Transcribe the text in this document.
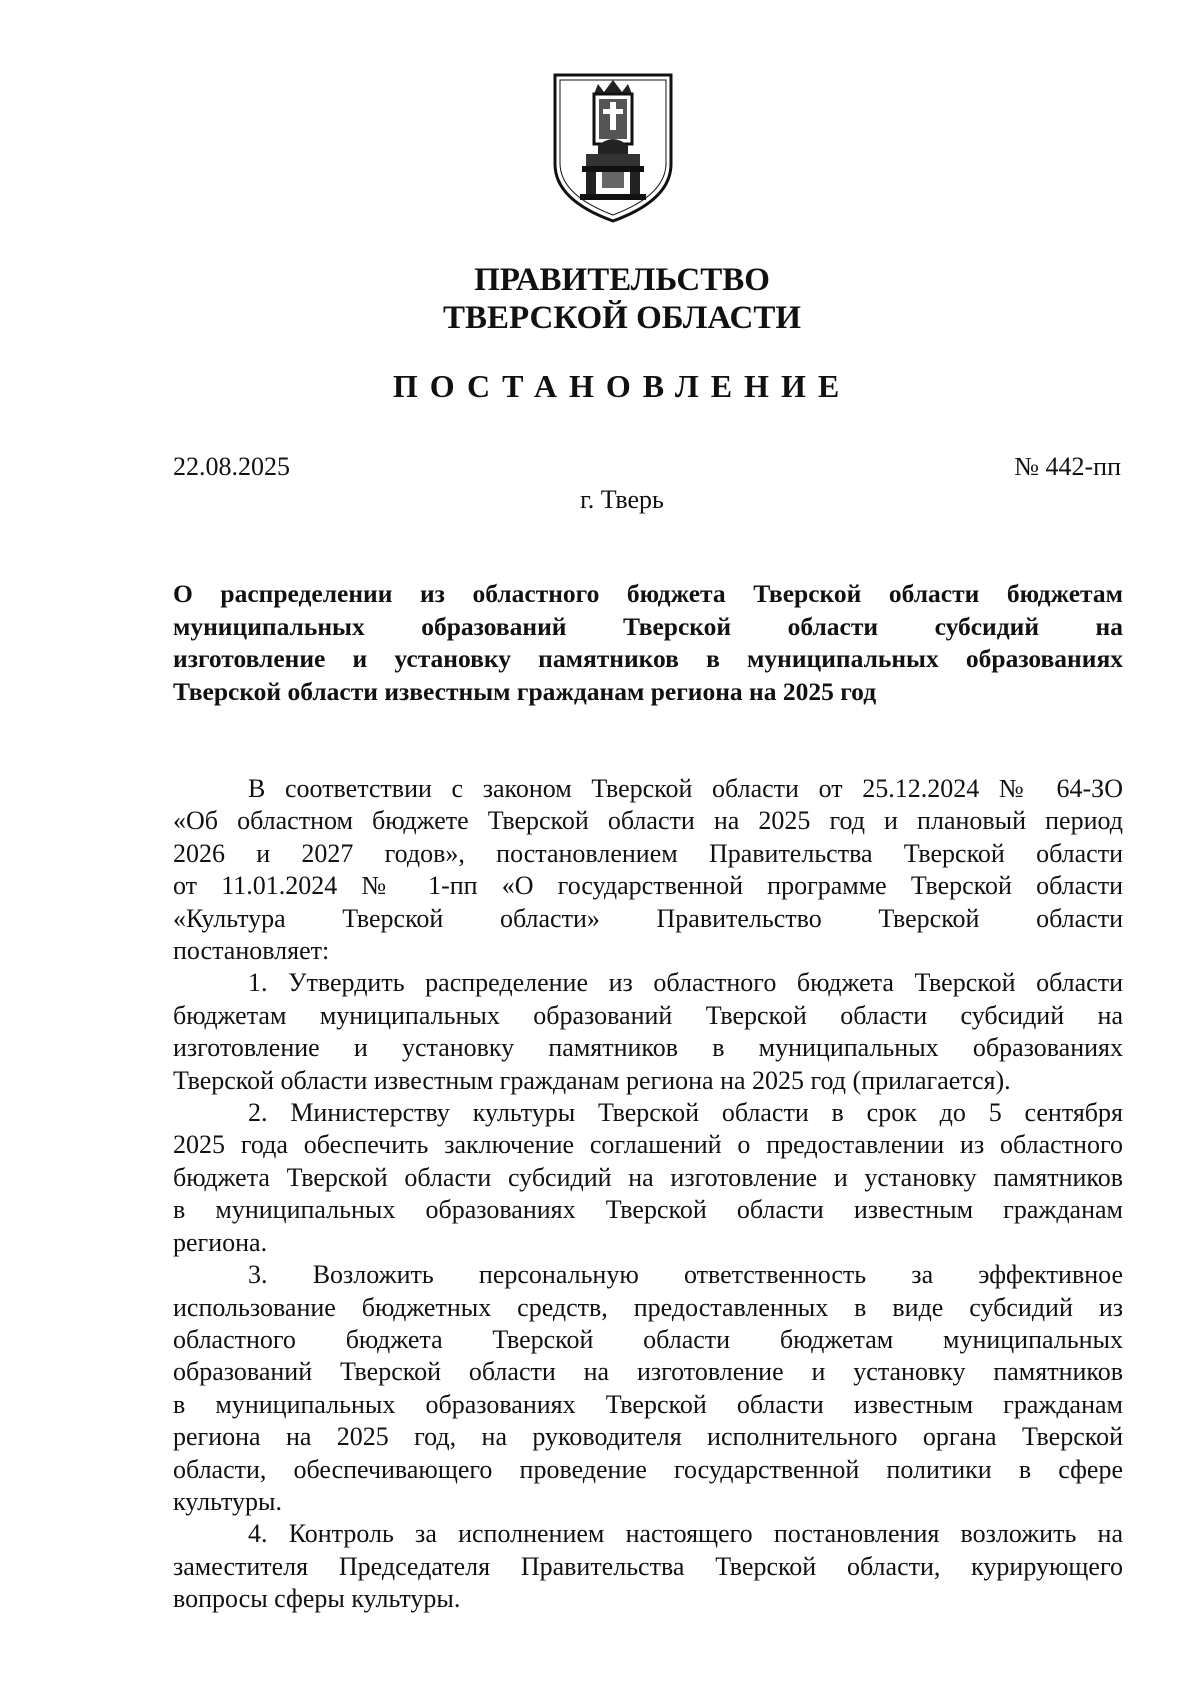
ПРАВИТЕЛЬСТВО
ТВЕРСКОЙ ОБЛАСТИ
ПОСТАНОВЛЕНИЕ
22.08.2025	№ 442-пп
г. Тверь
О распределении из областного бюджета Тверской области бюджетам
муниципальных образований Тверской области субсидий на
изготовление и установку памятников в муниципальных образованиях
Тверской области известным гражданам региона на 2025 год
В соответствии с законом Тверской области от 25.12.2024 № 64-ЗО
«Об областном бюджете Тверской области на 2025 год и плановый период
2026 и 2027 годов», постановлением Правительства Тверской области
от 11.01.2024 № 1-пп «О государственной программе Тверской области
«Культура Тверской области» Правительство Тверской области
постановляет:
1. Утвердить распределение из областного бюджета Тверской области
бюджетам муниципальных образований Тверской области субсидий на
изготовление и установку памятников в муниципальных образованиях
Тверской области известным гражданам региона на 2025 год (прилагается).
2. Министерству культуры Тверской области в срок до 5 сентября
2025 года обеспечить заключение соглашений о предоставлении из областного
бюджета Тверской области субсидий на изготовление и установку памятников
в муниципальных образованиях Тверской области известным гражданам
региона.
3. Возложить персональную ответственность за эффективное
использование бюджетных средств, предоставленных в виде субсидий из
областного бюджета Тверской области бюджетам муниципальных
образований Тверской области на изготовление и установку памятников
в муниципальных образованиях Тверской области известным гражданам
региона на 2025 год, на руководителя исполнительного органа Тверской
области, обеспечивающего проведение государственной политики в сфере
культуры.
4. Контроль за исполнением настоящего постановления возложить на
заместителя Председателя Правительства Тверской области, курирующего
вопросы сферы культуры.
